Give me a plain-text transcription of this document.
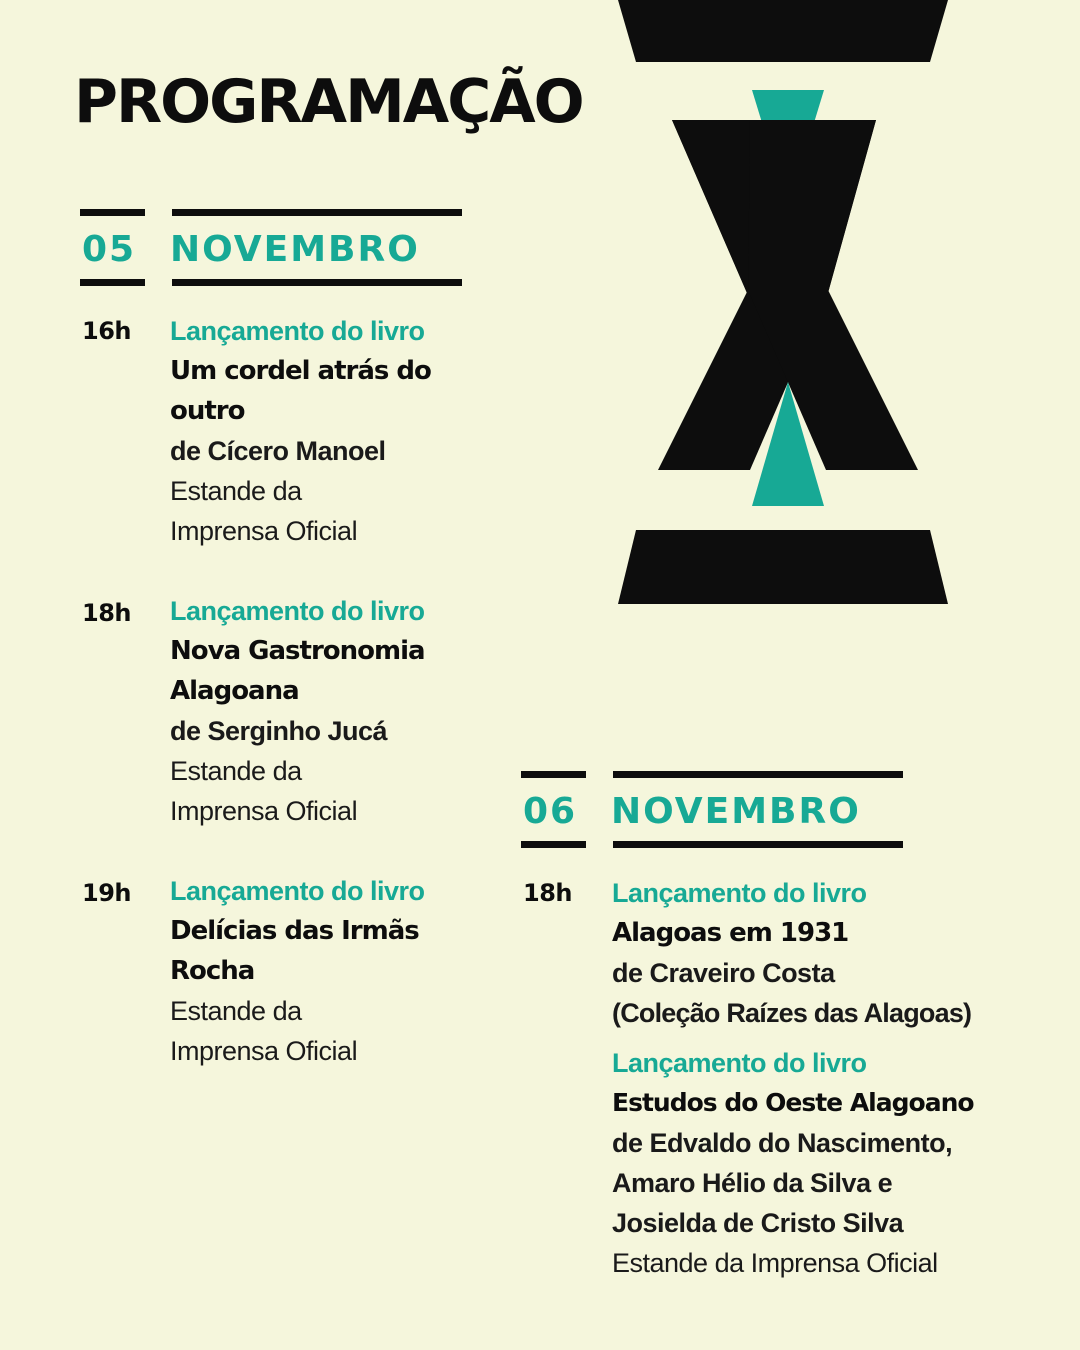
PROGRAMAÇÃO
05 NOVEMBRO
16h Lançamento do livro
Um cordel atrás do
outro
de Cícero Manoel
Estande da
Imprensa Oficial
18h Lançamento do livro
Nova Gastronomia
Alagoana
de Serginho Jucá
Estande da
Imprensa Oficial
19h Lançamento do livro
Delícias das Irmãs
Rocha
Estande da
Imprensa Oficial
06 NOVEMBRO
18h Lançamento do livro
Alagoas em 1931
de Craveiro Costa
(Coleção Raízes das Alagoas)
Lançamento do livro
Estudos do Oeste Alagoano
de Edvaldo do Nascimento,
Amaro Hélio da Silva e
Josielda de Cristo Silva
Estande da Imprensa Oficial
